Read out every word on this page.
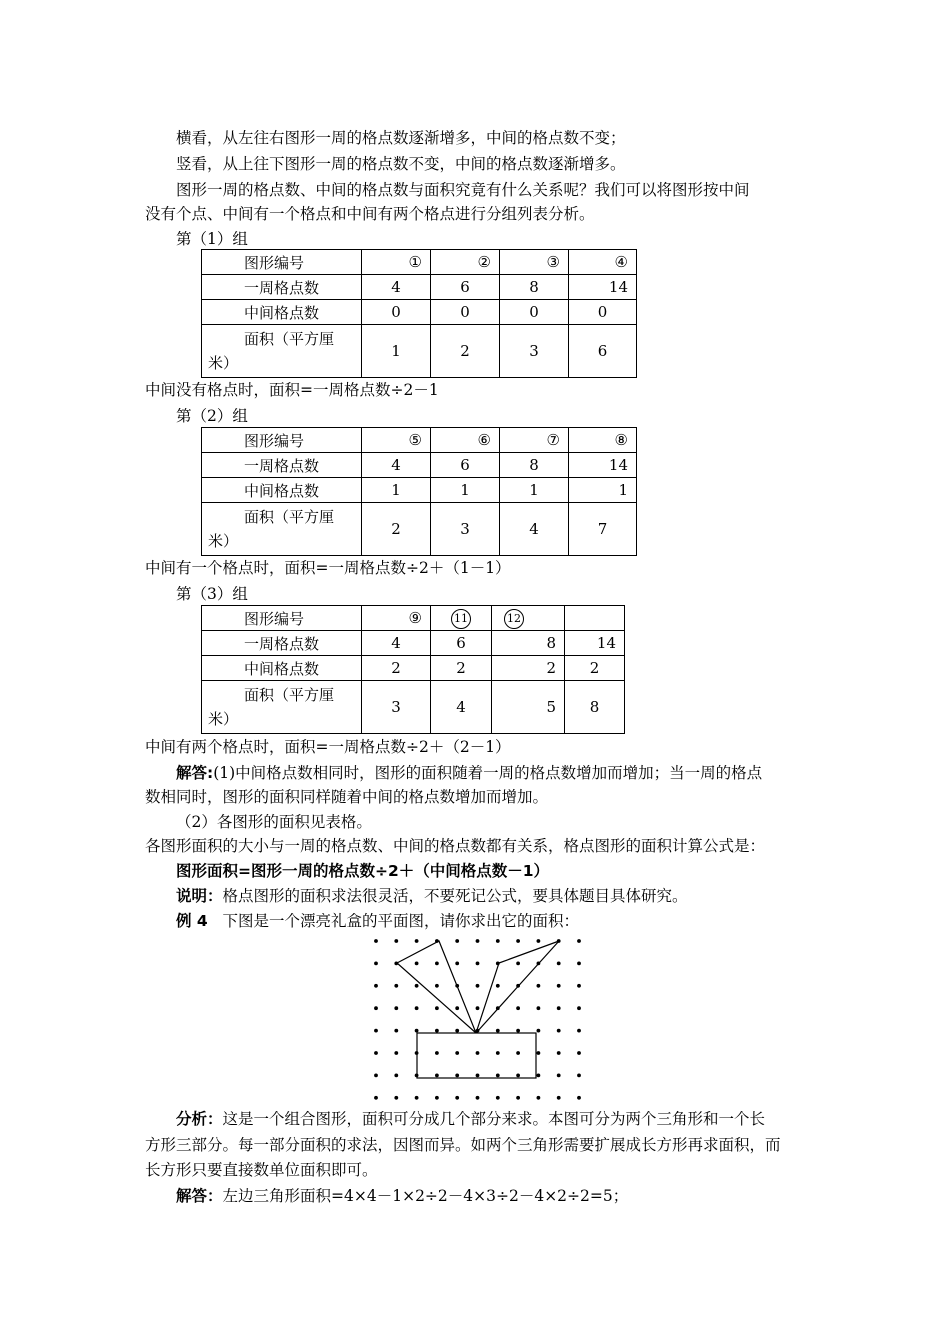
横看，从左往右图形一周的格点数逐渐增多，中间的格点数不变；
竖看，从上往下图形一周的格点数不变，中间的格点数逐渐增多。
图形一周的格点数、中间的格点数与面积究竟有什么关系呢？我们可以将图形按中间
没有个点、中间有一个格点和中间有两个格点进行分组列表分析。
第（1）组
图形编号	①	②	③	④
一周格点数	4	6	8	14
中间格点数	0	0	0	0

面积（平方厘
米）	1	2	3	6
中间没有格点时，面积=一周格点数÷2－1
第（2）组
图形编号	⑤	⑥	⑦	⑧
一周格点数	4	6	8	14
中间格点数	1	1	1	1

面积（平方厘
米）	2	3	4	7
中间有一个格点时，面积=一周格点数÷2＋（1－1）
第（3）组
图形编号	⑨	11	12	
一周格点数	4	6	8	14
中间格点数	2	2	2	2

面积（平方厘
米）	3	4	5	8
中间有两个格点时，面积=一周格点数÷2＋（2－1）
解答:(1)中间格点数相同时，图形的面积随着一周的格点数增加而增加；当一周的格点
数相同时，图形的面积同样随着中间的格点数增加而增加。
（2）各图形的面积见表格。
各图形面积的大小与一周的格点数、中间的格点数都有关系，格点图形的面积计算公式是：
图形面积=图形一周的格点数÷2＋（中间格点数－1）
说明：格点图形的面积求法很灵活，不要死记公式，要具体题目具体研究。
例 4 下图是一个漂亮礼盒的平面图，请你求出它的面积：
分析：这是一个组合图形，面积可分成几个部分来求。本图可分为两个三角形和一个长
方形三部分。每一部分面积的求法，因图而异。如两个三角形需要扩展成长方形再求面积，而
长方形只要直接数单位面积即可。
解答：左边三角形面积=4×4－1×2÷2－4×3÷2－4×2÷2=5；
